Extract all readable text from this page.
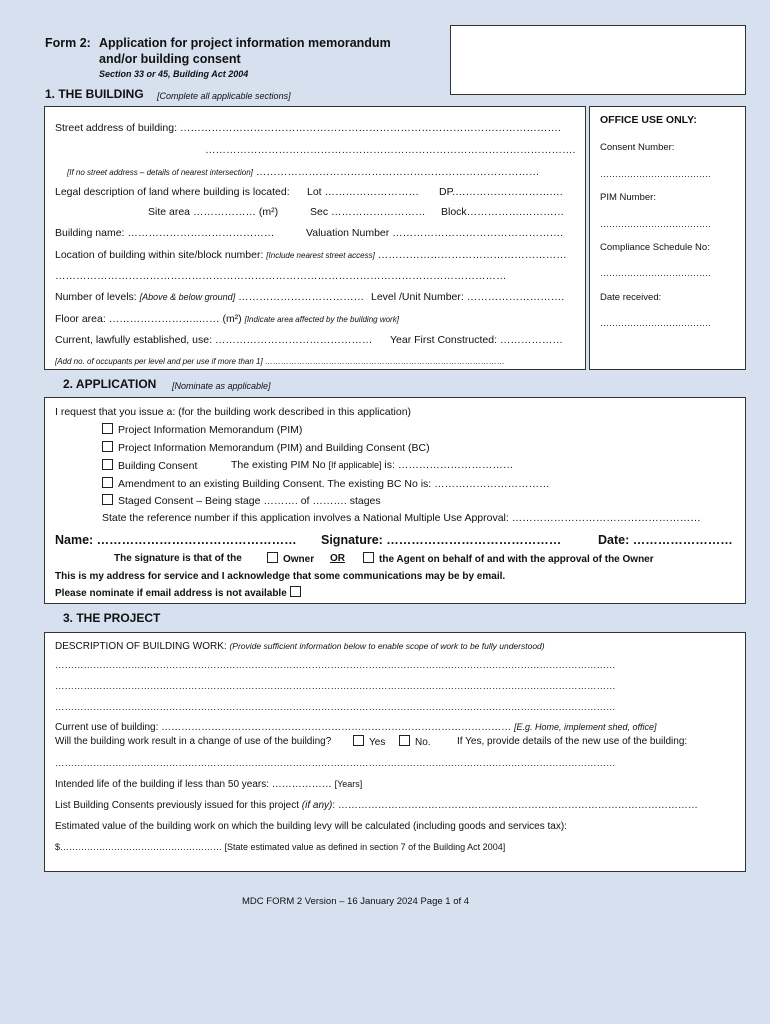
Form 2: Application for project information memorandum
and/or building consent
Section 33 or 45, Building Act 2004
1. THE BUILDING [Complete all applicable sections]
Street address of building: ……………………………………………………………………………………………….
…………………………………………………………………………………………….
[If no street address – details of nearest intersection] ………………………………………………………………………
Legal description of land where building is located: Lot ……………………… DP.……………………….…
Site area ……………… (m²)	Sec ……………………… Block…………….…………
Building name: ……………………………………	Valuation Number ………………………………………….
Location of building within site/block number: [Include nearest street access] ………………………………………………
…………………………………………………………………………………………………………………
Number of levels: [Above & below ground] ……………………………… Level /Unit Number: ……………………….
Floor area: ……………………..…… (m²) [Indicate area affected by the building work]
Current, lawfully established, use: ……………………………………… Year First Constructed: ………………
[Add no. of occupants per level and per use if more than 1] ………………………………………………………………………………
OFFICE USE ONLY:
Consent Number:
……………………………….
PIM Number:
……………………………….
Compliance Schedule No:
……………………………….
Date received:
……………………………….
2. APPLICATION [Nominate as applicable]
I request that you issue a: (for the building work described in this application)
Project Information Memorandum (PIM)
Project Information Memorandum (PIM) and Building Consent (BC)
Building Consent	The existing PIM No [If applicable] is: ……………………………
Amendment to an existing Building Consent. The existing BC No is: ……………………………
Staged Consent – Being stage ………. of ………. stages
State the reference number if this application involves a National Multiple Use Approval: ………………………………………………
Name: ………………………………………… Signature: ……………………………………	Date: ……………………
The signature is that of the	Owner OR	the Agent on behalf of and with the approval of the Owner
This is my address for service and I acknowledge that some communications may be by email.
Please nominate if email address is not available
3. THE PROJECT
DESCRIPTION OF BUILDING WORK: (Provide sufficient information below to enable scope of work to be fully understood)
……………………………………………………………………………………………………………………………………………………………
……………………………………………………………………………………………………………………………………………………………
……………………………………………………………………………………………………………………………………………………………
Current use of building: …………………………………………………………………………………………… [E.g. Home, implement shed, office]
Will the building work result in a change of use of the building?	Yes	No.	If Yes, provide details of the new use of the building:
……………………………………………………………………………………………………………………………………………………………
Intended life of the building if less than 50 years: ……………… [Years]
List Building Consents previously issued for this project (if any): ………………………………………………………………………………………………
Estimated value of the building work on which the building levy will be calculated (including goods and services tax):
$……………………………………………… [State estimated value as defined in section 7 of the Building Act 2004]
MDC FORM 2 Version – 16 January 2024 Page 1 of 4
